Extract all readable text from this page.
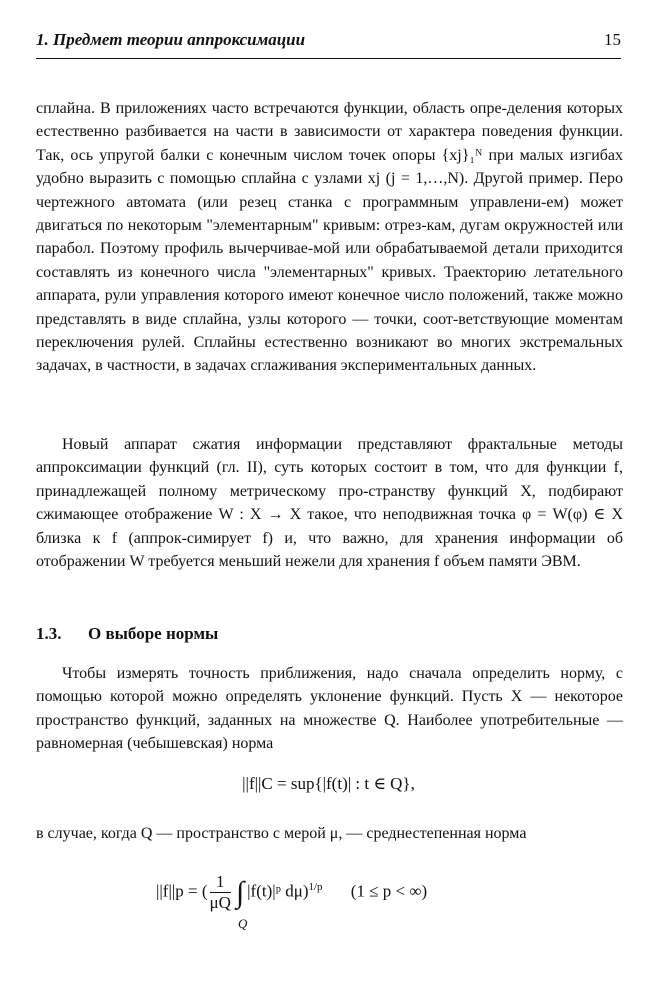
1. Предмет теории аппроксимации	15
сплайна. В приложениях часто встречаются функции, область опре-деления которых естественно разбивается на части в зависимости от характера поведения функции. Так, ось упругой балки с конечным числом точек опоры {xj}₁ᴺ при малых изгибах удобно выразить с помощью сплайна с узлами xj (j = 1,…,N). Другой пример. Перо чертежного автомата (или резец станка с программным управлени-ем) может двигаться по некоторым "элементарным" кривым: отрез-кам, дугам окружностей или парабол. Поэтому профиль вычерчивае-мой или обрабатываемой детали приходится составлять из конечного числа "элементарных" кривых. Траекторию летательного аппарата, рули управления которого имеют конечное число положений, также можно представлять в виде сплайна, узлы которого — точки, соот-ветствующие моментам переключения рулей. Сплайны естественно возникают во многих экстремальных задачах, в частности, в задачах сглаживания экспериментальных данных.
Новый аппарат сжатия информации представляют фрактальные методы аппроксимации функций (гл. II), суть которых состоит в том, что для функции f, принадлежащей полному метрическому про-странству функций X, подбирают сжимающее отображение W : X → X такое, что неподвижная точка φ = W(φ) ∈ X близка к f (аппрок-симирует f) и, что важно, для хранения информации об отображении W требуется меньший нежели для хранения f объем памяти ЭВМ.
1.3. О выборе нормы
Чтобы измерять точность приближения, надо сначала определить норму, с помощью которой можно определять уклонение функций. Пусть X — некоторое пространство функций, заданных на множестве Q. Наиболее употребительные — равномерная (чебышевская) норма
||f||C = sup{|f(t)| : t ∈ Q},
в случае, когда Q — пространство с мерой μ, — среднестепенная норма
||f||p = ( $\frac{1}{\mu Q}$ ∫
Q
|f(t)|ᵖ dμ)$^{1/p}$ (1 ≤ p < ∞)
